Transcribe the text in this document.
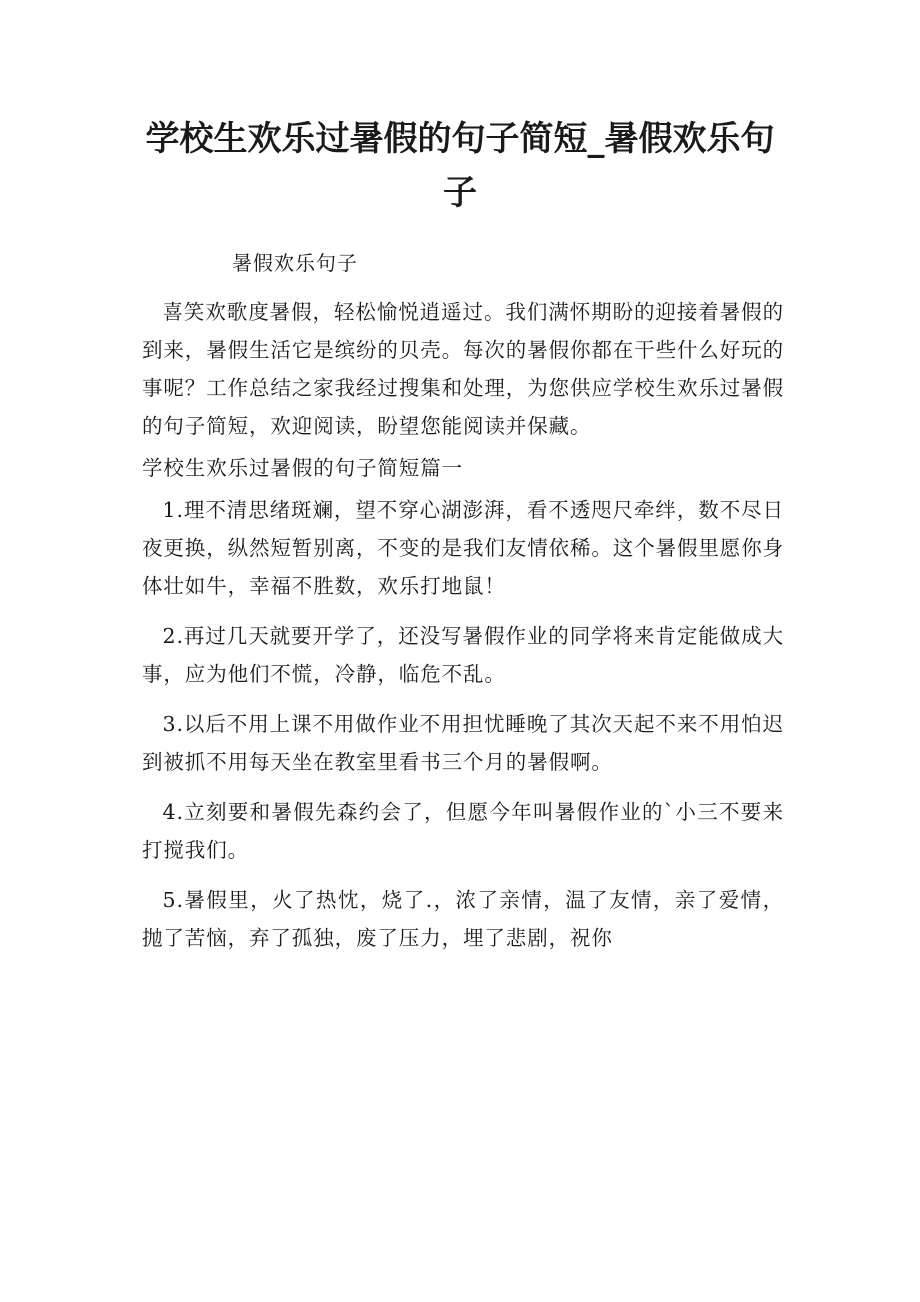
学校生欢乐过暑假的句子简短_暑假欢乐句子
暑假欢乐句子

喜笑欢歌度暑假，轻松愉悦逍遥过。我们满怀期盼的迎接着暑假的到来，暑假生活它是缤纷的贝壳。每次的暑假你都在干些什么好玩的事呢？工作总结之家我经过搜集和处理，为您供应学校生欢乐过暑假的句子简短，欢迎阅读，盼望您能阅读并保藏。

学校生欢乐过暑假的句子简短篇一

1.理不清思绪斑斓，望不穿心湖澎湃，看不透咫尺牵绊，数不尽日夜更换，纵然短暂别离，不变的是我们友情依稀。这个暑假里愿你身体壮如牛，幸福不胜数，欢乐打地鼠！

2.再过几天就要开学了，还没写暑假作业的同学将来肯定能做成大事，应为他们不慌，冷静，临危不乱。

3.以后不用上课不用做作业不用担忧睡晚了其次天起不来不用怕迟到被抓不用每天坐在教室里看书三个月的暑假啊。

4.立刻要和暑假先森约会了，但愿今年叫暑假作业的`小三不要来打搅我们。

5.暑假里，火了热忱，烧了.，浓了亲情，温了友情，亲了爱情，抛了苦恼，弃了孤独，废了压力，埋了悲剧，祝你
